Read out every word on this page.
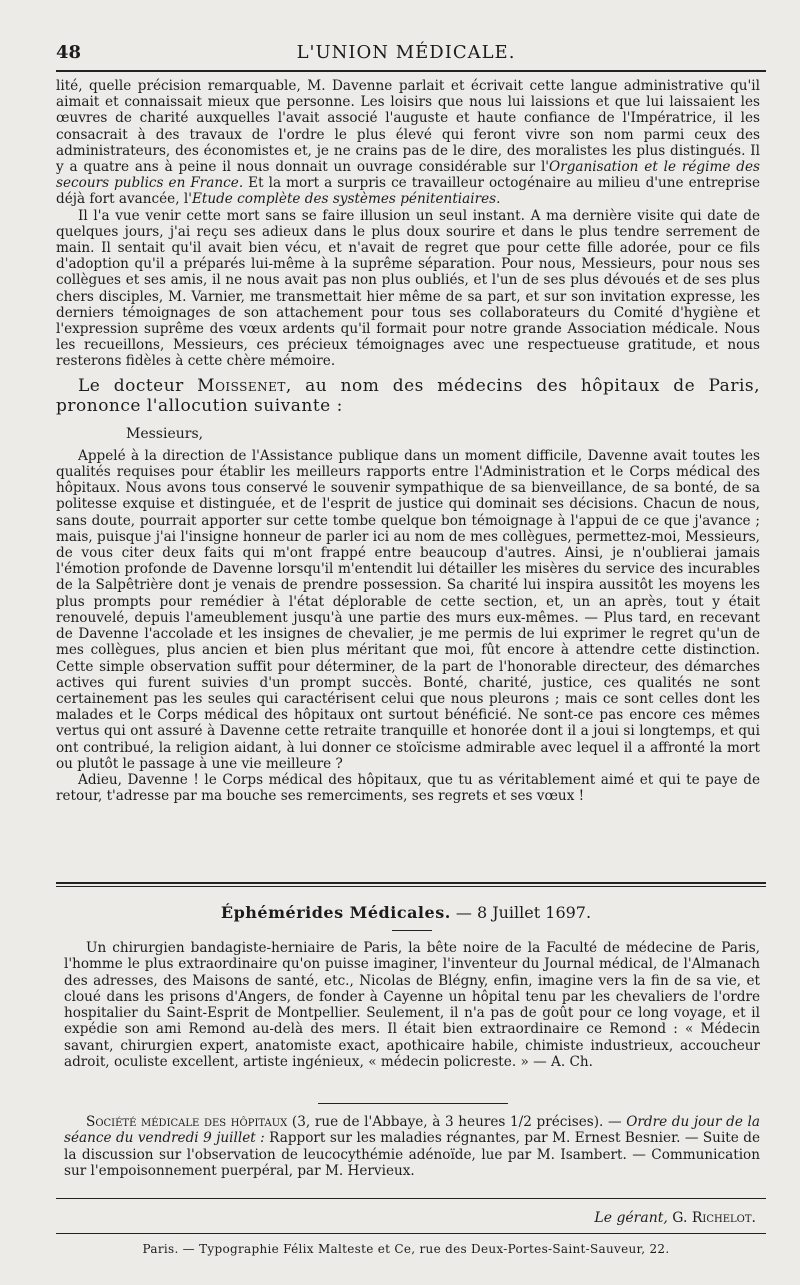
48	L'UNION MÉDICALE.

lité, quelle précision remarquable, M. Davenne parlait et écrivait cette langue administrative qu'il aimait et connaissait mieux que personne. Les loisirs que nous lui laissions et que lui laissaient les œuvres de charité auxquelles l'avait associé l'auguste et haute confiance de l'Impératrice, il les consacrait à des travaux de l'ordre le plus élevé qui feront vivre son nom parmi ceux des administrateurs, des économistes et, je ne crains pas de le dire, des moralistes les plus distingués. Il y a quatre ans à peine il nous donnait un ouvrage considérable sur l'Organisation et le régime des secours publics en France. Et la mort a surpris ce travailleur octogénaire au milieu d'une entreprise déjà fort avancée, l'Etude complète des systèmes pénitentiaires.

Il l'a vue venir cette mort sans se faire illusion un seul instant. A ma dernière visite qui date de quelques jours, j'ai reçu ses adieux dans le plus doux sourire et dans le plus tendre serrement de main. Il sentait qu'il avait bien vécu, et n'avait de regret que pour cette fille adorée, pour ce fils d'adoption qu'il a préparés lui-même à la suprême séparation. Pour nous, Messieurs, pour nous ses collègues et ses amis, il ne nous avait pas non plus oubliés, et l'un de ses plus dévoués et de ses plus chers disciples, M. Varnier, me transmettait hier même de sa part, et sur son invitation expresse, les derniers témoignages de son attachement pour tous ses collaborateurs du Comité d'hygiène et l'expression suprême des vœux ardents qu'il formait pour notre grande Association médicale. Nous les recueillons, Messieurs, ces précieux témoignages avec une respectueuse gratitude, et nous resterons fidèles à cette chère mémoire.

Le docteur Moissenet, au nom des médecins des hôpitaux de Paris, prononce l'allocution suivante :

Messieurs,

Appelé à la direction de l'Assistance publique dans un moment difficile, Davenne avait toutes les qualités requises pour établir les meilleurs rapports entre l'Administration et le Corps médical des hôpitaux. Nous avons tous conservé le souvenir sympathique de sa bienveillance, de sa bonté, de sa politesse exquise et distinguée, et de l'esprit de justice qui dominait ses décisions. Chacun de nous, sans doute, pourrait apporter sur cette tombe quelque bon témoignage à l'appui de ce que j'avance ; mais, puisque j'ai l'insigne honneur de parler ici au nom de mes collègues, permettez-moi, Messieurs, de vous citer deux faits qui m'ont frappé entre beaucoup d'autres. Ainsi, je n'oublierai jamais l'émotion profonde de Davenne lorsqu'il m'entendit lui détailler les misères du service des incurables de la Salpêtrière dont je venais de prendre possession. Sa charité lui inspira aussitôt les moyens les plus prompts pour remédier à l'état déplorable de cette section, et, un an après, tout y était renouvelé, depuis l'ameublement jusqu'à une partie des murs eux-mêmes. — Plus tard, en recevant de Davenne l'accolade et les insignes de chevalier, je me permis de lui exprimer le regret qu'un de mes collègues, plus ancien et bien plus méritant que moi, fût encore à attendre cette distinction. Cette simple observation suffit pour déterminer, de la part de l'honorable directeur, des démarches actives qui furent suivies d'un prompt succès. Bonté, charité, justice, ces qualités ne sont certainement pas les seules qui caractérisent celui que nous pleurons ; mais ce sont celles dont les malades et le Corps médical des hôpitaux ont surtout bénéficié. Ne sont-ce pas encore ces mêmes vertus qui ont assuré à Davenne cette retraite tranquille et honorée dont il a joui si longtemps, et qui ont contribué, la religion aidant, à lui donner ce stoïcisme admirable avec lequel il a affronté la mort ou plutôt le passage à une vie meilleure ?

Adieu, Davenne ! le Corps médical des hôpitaux, que tu as véritablement aimé et qui te paye de retour, t'adresse par ma bouche ses remerciments, ses regrets et ses vœux !

Éphémérides Médicales. — 8 Juillet 1697.

Un chirurgien bandagiste-herniaire de Paris, la bête noire de la Faculté de médecine de Paris, l'homme le plus extraordinaire qu'on puisse imaginer, l'inventeur du Journal médical, de l'Almanach des adresses, des Maisons de santé, etc., Nicolas de Blégny, enfin, imagine vers la fin de sa vie, et cloué dans les prisons d'Angers, de fonder à Cayenne un hôpital tenu par les chevaliers de l'ordre hospitalier du Saint-Esprit de Montpellier. Seulement, il n'a pas de goût pour ce long voyage, et il expédie son ami Remond au-delà des mers. Il était bien extraordinaire ce Remond : « Médecin savant, chirurgien expert, anatomiste exact, apothicaire habile, chimiste industrieux, accoucheur adroit, oculiste excellent, artiste ingénieux, « médecin policreste. » — A. Ch.

Société médicale des hôpitaux (3, rue de l'Abbaye, à 3 heures 1/2 précises). — Ordre du jour de la séance du vendredi 9 juillet : Rapport sur les maladies régnantes, par M. Ernest Besnier. — Suite de la discussion sur l'observation de leucocythémie adénoïde, lue par M. Isambert. — Communication sur l'empoisonnement puerpéral, par M. Hervieux.

Le gérant, G. Richelot.
Paris. — Typographie Félix Malteste et Ce, rue des Deux-Portes-Saint-Sauveur, 22.
